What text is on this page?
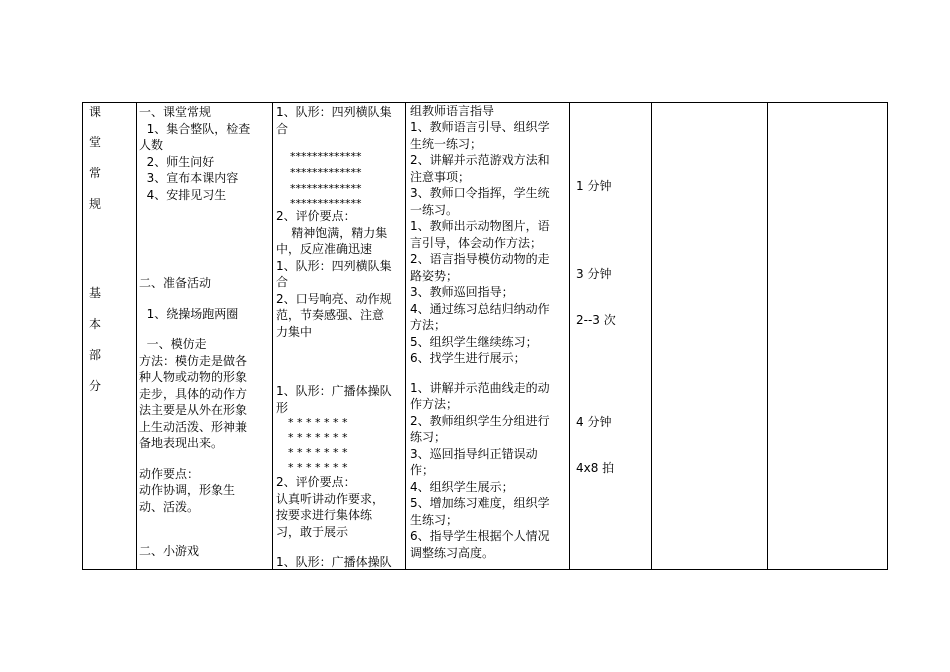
课
堂
常
规
基
本
部
分
一、课堂常规
1、集合整队，检查
人数
2、师生问好
3、宣布本课内容
4、安排见习生
二、准备活动
1、绕操场跑两圈
一、模仿走
方法：模仿走是做各
种人物或动物的形象
走步，具体的动作方
法主要是从外在形象
上生动活泼、形神兼
备地表现出来。
动作要点：
动作协调，形象生
动、活泼。
二、小游戏
1、队形：四列横队集
合
*************
*************
*************
*************
2、评价要点：
精神饱满，精力集
中，反应准确迅速
1、队形：四列横队集
合
2、口号响亮、动作规
范，节奏感强、注意
力集中
1、队形：广播体操队
形
* * * * * * *
* * * * * * *
* * * * * * *
* * * * * * *
2、评价要点：
认真听讲动作要求，
按要求进行集体练
习，敢于展示
1、队形：广播体操队
组教师语言指导
1、教师语言引导、组织学
生统一练习；
2、讲解并示范游戏方法和
注意事项；
3、教师口令指挥，学生统
一练习。
1、教师出示动物图片，语
言引导，体会动作方法；
2、语言指导模仿动物的走
路姿势；
3、教师巡回指导；
4、通过练习总结归纳动作
方法；
5、组织学生继续练习；
6、找学生进行展示；
1、讲解并示范曲线走的动
作方法；
2、教师组织学生分组进行
练习；
3、巡回指导纠正错误动
作；
4、组织学生展示；
5、增加练习难度，组织学
生练习；
6、指导学生根据个人情况
调整练习高度。
1 分钟
3 分钟
2--3 次
4 分钟
4x8 拍
